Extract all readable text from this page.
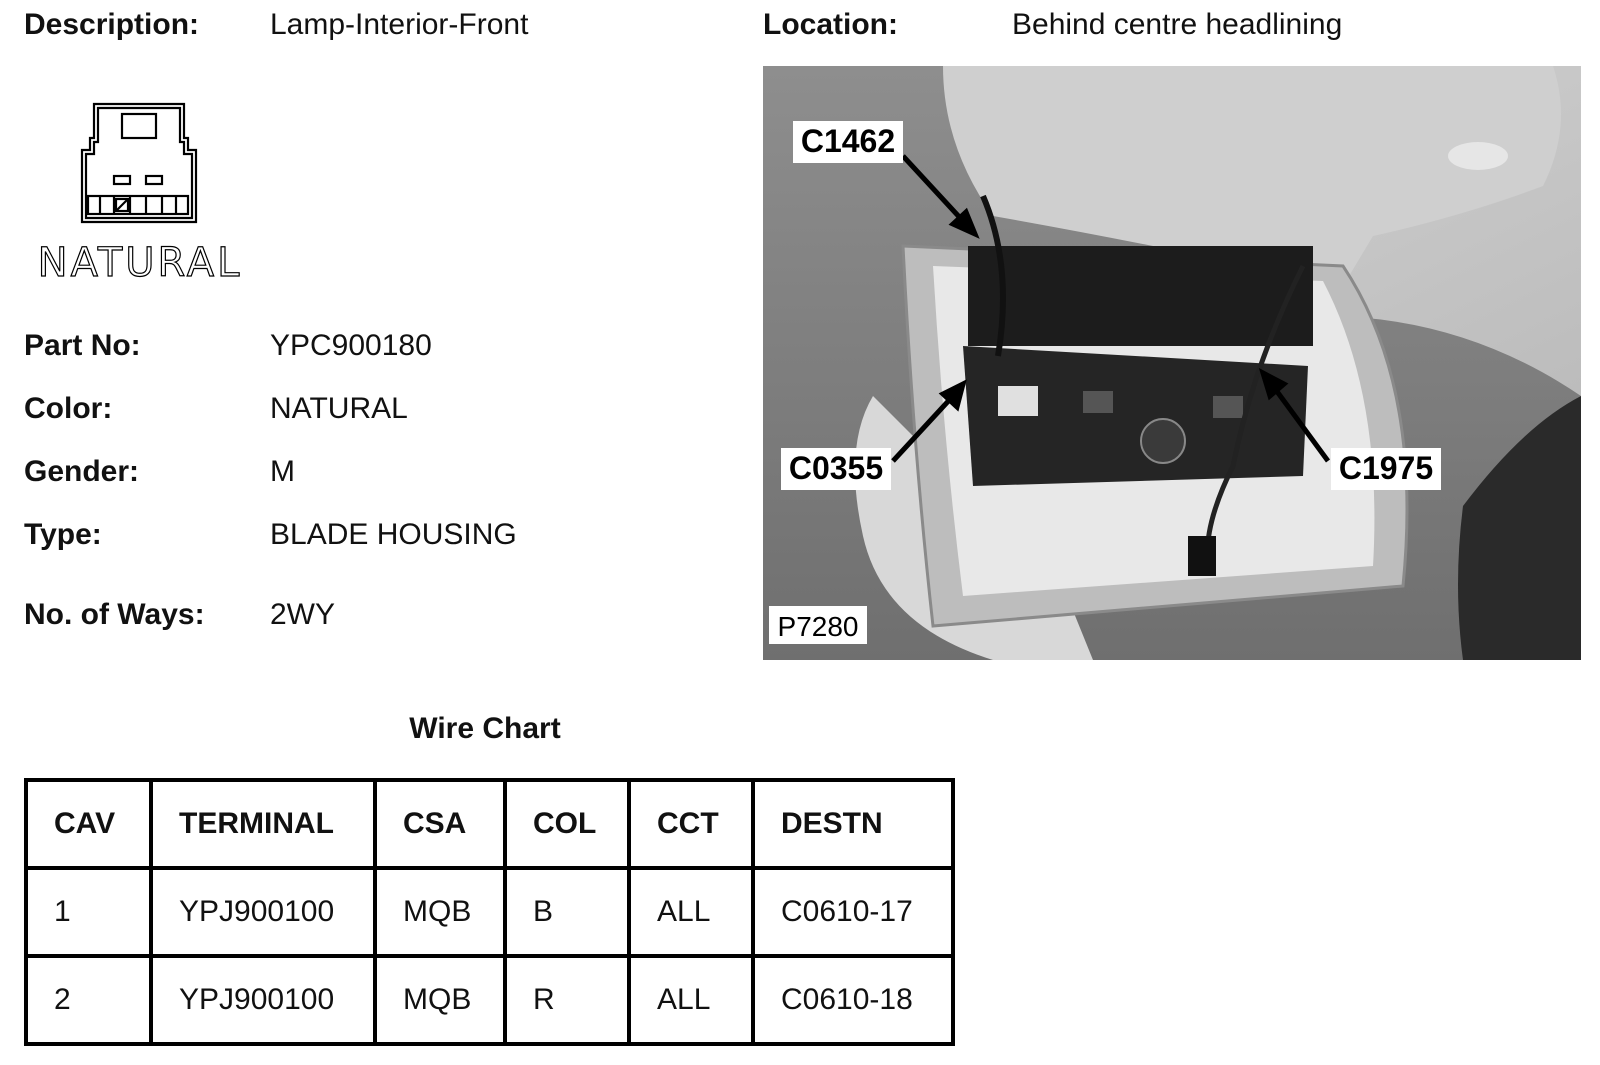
Description: Lamp-Interior-Front	Location:	Behind centre headlining
NATURAL
Part No:	YPC900180
Color:	NATURAL
Gender:	M
Type:	BLADE HOUSING
No. of Ways: 2WY
C1462
C0355	C1975
P7280
Wire Chart
CAV	TERMINAL	CSA	COL	CCT	DESTN
1	YPJ900100	MQB	B	ALL	C0610-17
2	YPJ900100	MQB	R	ALL	C0610-18
